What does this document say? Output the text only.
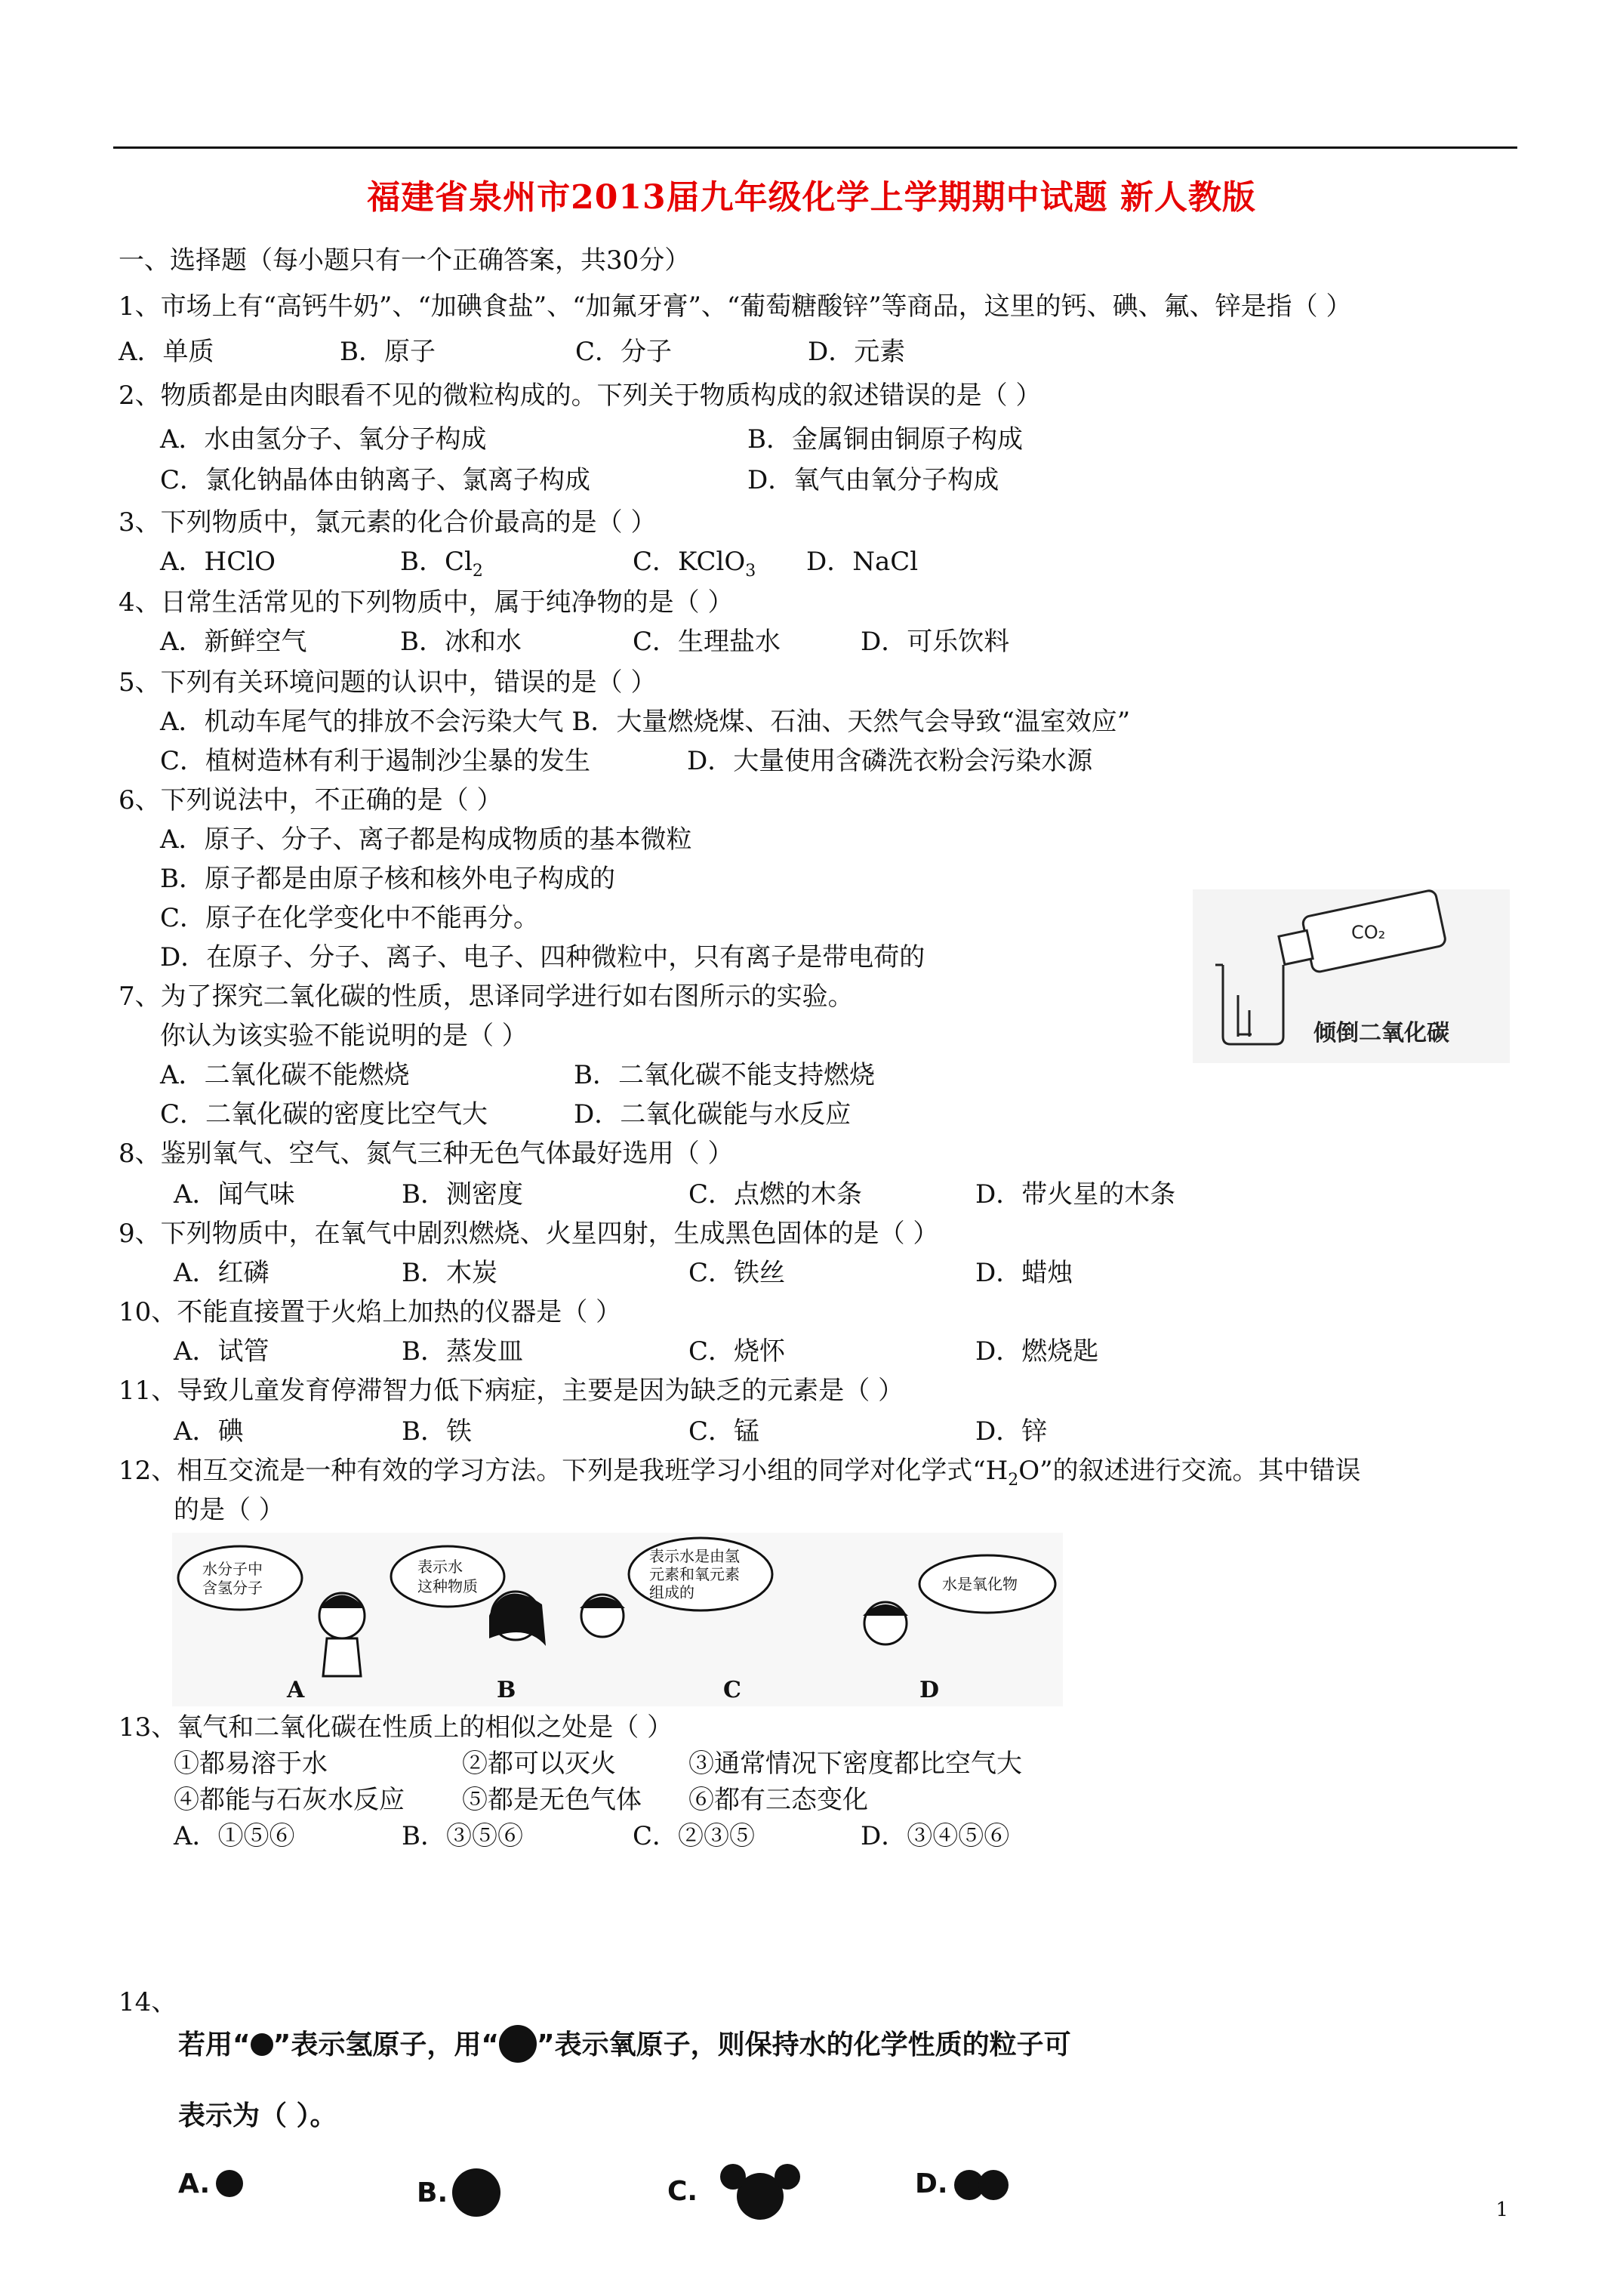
福建省泉州市2013届九年级化学上学期期中试题 新人教版
一、选择题（每小题只有一个正确答案，共30分）
1、市场上有“高钙牛奶”、“加碘食盐”、“加氟牙膏”、“葡萄糖酸锌”等商品，这里的钙、碘、氟、锌是指（ ）
A．单质	B．原子	C．分子	D．元素
2、物质都是由肉眼看不见的微粒构成的。下列关于物质构成的叙述错误的是（ ）
A．水由氢分子、氧分子构成	B．金属铜由铜原子构成
C．氯化钠晶体由钠离子、氯离子构成	D．氧气由氧分子构成
3、下列物质中，氯元素的化合价最高的是（ ）
A．HClO	B．$Cl_2$	C．KClO$_3$ D．NaCl
4、日常生活常见的下列物质中，属于纯净物的是（ ）
A．新鲜空气	B．冰和水	C．生理盐水	D．可乐饮料
5、下列有关环境问题的认识中，错误的是（ ）
A．机动车尾气的排放不会污染大气 B．大量燃烧煤、石油、天然气会导致“温室效应”
C．植树造林有利于遏制沙尘暴的发生	D．大量使用含磷洗衣粉会污染水源
6、下列说法中，不正确的是（ ）
A．原子、分子、离子都是构成物质的基本微粒
B．原子都是由原子核和核外电子构成的
C．原子在化学变化中不能再分。
D．在原子、分子、离子、电子、四种微粒中，只有离子是带电荷的
CO₂
倾倒二氧化碳
7、为了探究二氧化碳的性质，思译同学进行如右图所示的实验。
你认为该实验不能说明的是（ ）
A．二氧化碳不能燃烧	B．二氧化碳不能支持燃烧
C．二氧化碳的密度比空气大	D．二氧化碳能与水反应
8、鉴别氧气、空气、氮气三种无色气体最好选用（ ）
A．闻气味	B．测密度	C．点燃的木条	D．带火星的木条
9、下列物质中，在氧气中剧烈燃烧、火星四射，生成黑色固体的是（ ）
A．红磷	B．木炭	C．铁丝	D．蜡烛
10、不能直接置于火焰上加热的仪器是（ ）
A．试管	B．蒸发皿	C．烧怀	D．燃烧匙
11、导致儿童发育停滞智力低下病症，主要是因为缺乏的元素是（ ）
A．碘	B．铁	C．锰	D．锌
12、相互交流是一种有效的学习方法。下列是我班学习小组的同学对化学式“$H_2O$”的叙述进行交流。其中错误
的是（ ）
水分子中
含氢分子
表示水
这种物质
表示水是由氢
元素和氧元素
组成的	水是氧化物
A	B	C	D
13、氧气和二氧化碳在性质上的相似之处是（ ）
①都易溶于水	②都可以灭火	③通常情况下密度都比空气大
④都能与石灰水反应 ⑤都是无色气体 ⑥都有三态变化
A．①⑤⑥	B．③⑤⑥	C．②③⑤	D．③④⑤⑥
14、
若用“ ”表示氢原子，用“ ”表示氧原子，则保持水的化学性质的粒子可
表示为（ ）。
A.	B.	C.	D.
1
